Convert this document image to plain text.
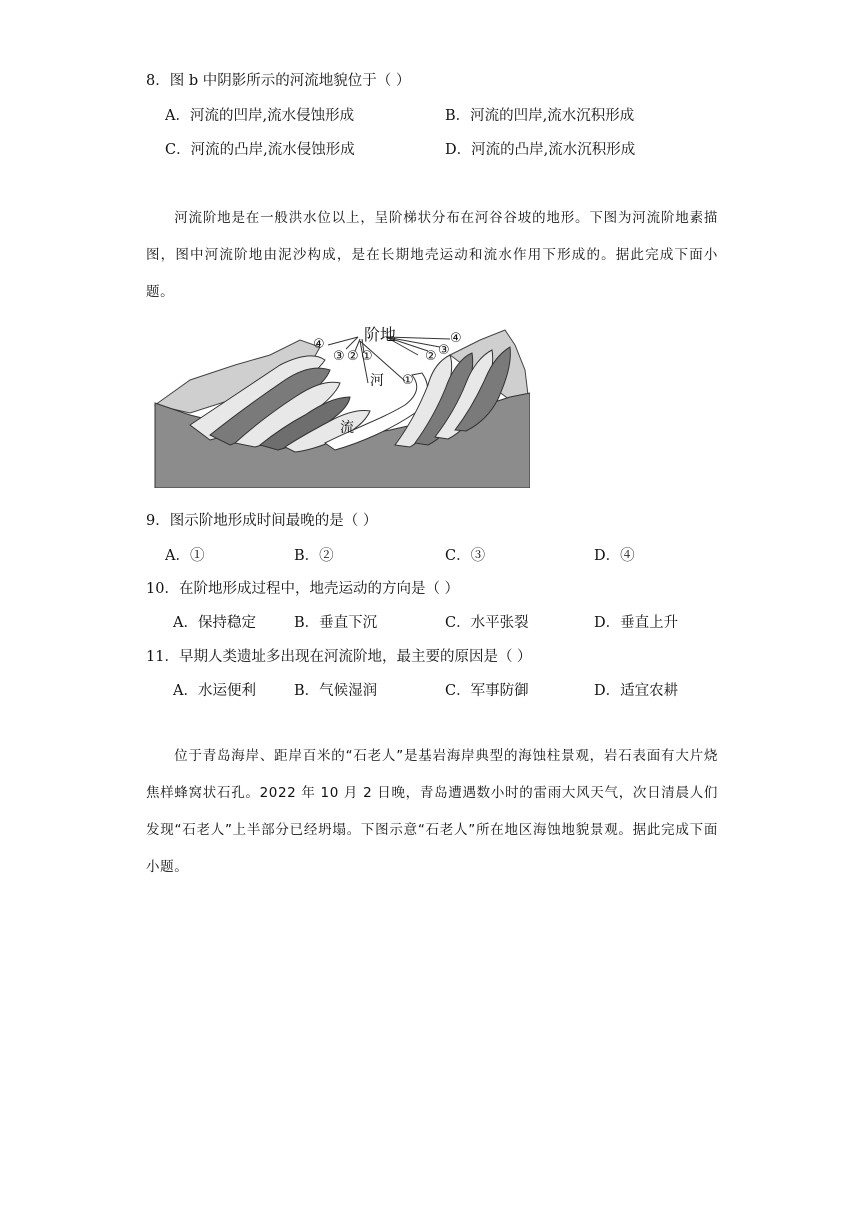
8．图 b 中阴影所示的河流地貌位于（ ）
A．河流的凹岸,流水侵蚀形成	B．河流的凹岸,流水沉积形成
C．河流的凸岸,流水侵蚀形成	D．河流的凸岸,流水沉积形成
河流阶地是在一般洪水位以上，呈阶梯状分布在河谷谷坡的地形。下图为河流阶地素描图，图中河流阶地由泥沙构成，是在长期地壳运动和流水作用下形成的。据此完成下面小题。
阶地
河
流
④
③ ② ①
①
② ③
④
9．图示阶地形成时间最晚的是（ ）
A．①	B．②	C．③	D．④
10．在阶地形成过程中，地壳运动的方向是（ ）
A．保持稳定	B．垂直下沉	C．水平张裂	D．垂直上升
11．早期人类遗址多出现在河流阶地，最主要的原因是（ ）
A．水运便利	B．气候湿润	C．军事防御	D．适宜农耕
位于青岛海岸、距岸百米的“石老人”是基岩海岸典型的海蚀柱景观，岩石表面有大片烧焦样蜂窝状石孔。2022 年 10 月 2 日晚，青岛遭遇数小时的雷雨大风天气，次日清晨人们发现“石老人”上半部分已经坍塌。下图示意“石老人”所在地区海蚀地貌景观。据此完成下面小题。
